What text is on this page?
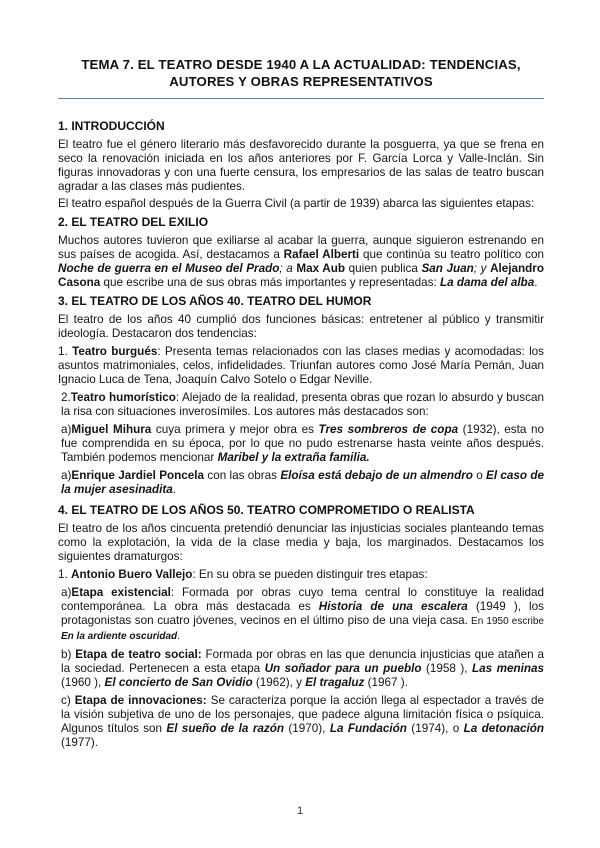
TEMA 7. EL TEATRO DESDE 1940 A LA ACTUALIDAD: TENDENCIAS,
AUTORES Y OBRAS REPRESENTATIVOS
1. INTRODUCCIÓN

El teatro fue el género literario más desfavorecido durante la posguerra, ya que se frena en seco la renovación iniciada en los años anteriores por F. García Lorca y Valle-Inclán. Sin figuras innovadoras y con una fuerte censura, los empresarios de las salas de teatro buscan agradar a las clases más pudientes.

El teatro español después de la Guerra Civil (a partir de 1939) abarca las siguientes etapas:

2. EL TEATRO DEL EXILIO

Muchos autores tuvieron que exiliarse al acabar la guerra, aunque siguieron estrenando en sus países de acogida. Así, destacamos a Rafael Alberti que continúa su teatro político con Noche de guerra en el Museo del Prado; a Max Aub quien publica San Juan; y Alejandro Casona que escribe una de sus obras más importantes y representadas: La dama del alba.

3. EL TEATRO DE LOS AÑOS 40. TEATRO DEL HUMOR

El teatro de los años 40 cumplió dos funciones básicas: entretener al público y transmitir ideología. Destacaron dos tendencias:

1. Teatro burgués: Presenta temas relacionados con las clases medias y acomodadas: los asuntos matrimoniales, celos, infidelidades. Triunfan autores como José María Pemán, Juan Ignacio Luca de Tena, Joaquín Calvo Sotelo o Edgar Neville.

2.Teatro humorístico: Alejado de la realidad, presenta obras que rozan lo absurdo y buscan la risa con situaciones inverosímiles. Los autores más destacados son:

a)Miguel Mihura cuya primera y mejor obra es Tres sombreros de copa (1932), esta no fue comprendida en su época, por lo que no pudo estrenarse hasta veinte años después. También podemos mencionar Maribel y la extraña familia.

a)Enrique Jardiel Poncela con las obras Eloísa está debajo de un almendro o El caso de la mujer asesinadita.

4. EL TEATRO DE LOS AÑOS 50. TEATRO COMPROMETIDO O REALISTA

El teatro de los años cincuenta pretendió denunciar las injusticias sociales planteando temas como la explotación, la vida de la clase media y baja, los marginados. Destacamos los siguientes dramaturgos:

1. Antonio Buero Vallejo: En su obra se pueden distinguir tres etapas:

a)Etapa existencial: Formada por obras cuyo tema central lo constituye la realidad contemporánea. La obra más destacada es Historia de una escalera (1949 ), los protagonistas son cuatro jóvenes, vecinos en el último piso de una vieja casa. En 1950 escribe En la ardiente oscuridad.

b) Etapa de teatro social: Formada por obras en las que denuncia injusticias que atañen a la sociedad. Pertenecen a esta etapa Un soñador para un pueblo (1958 ), Las meninas (1960 ), El concierto de San Ovidio (1962), y El tragaluz (1967 ).

c) Etapa de innovaciones: Se caracteriza porque la acción llega al espectador a través de la visión subjetiva de uno de los personajes, que padece alguna limitación física o psíquica. Algunos títulos son El sueño de la razón (1970), La Fundación (1974), o La detonación (1977).

1
